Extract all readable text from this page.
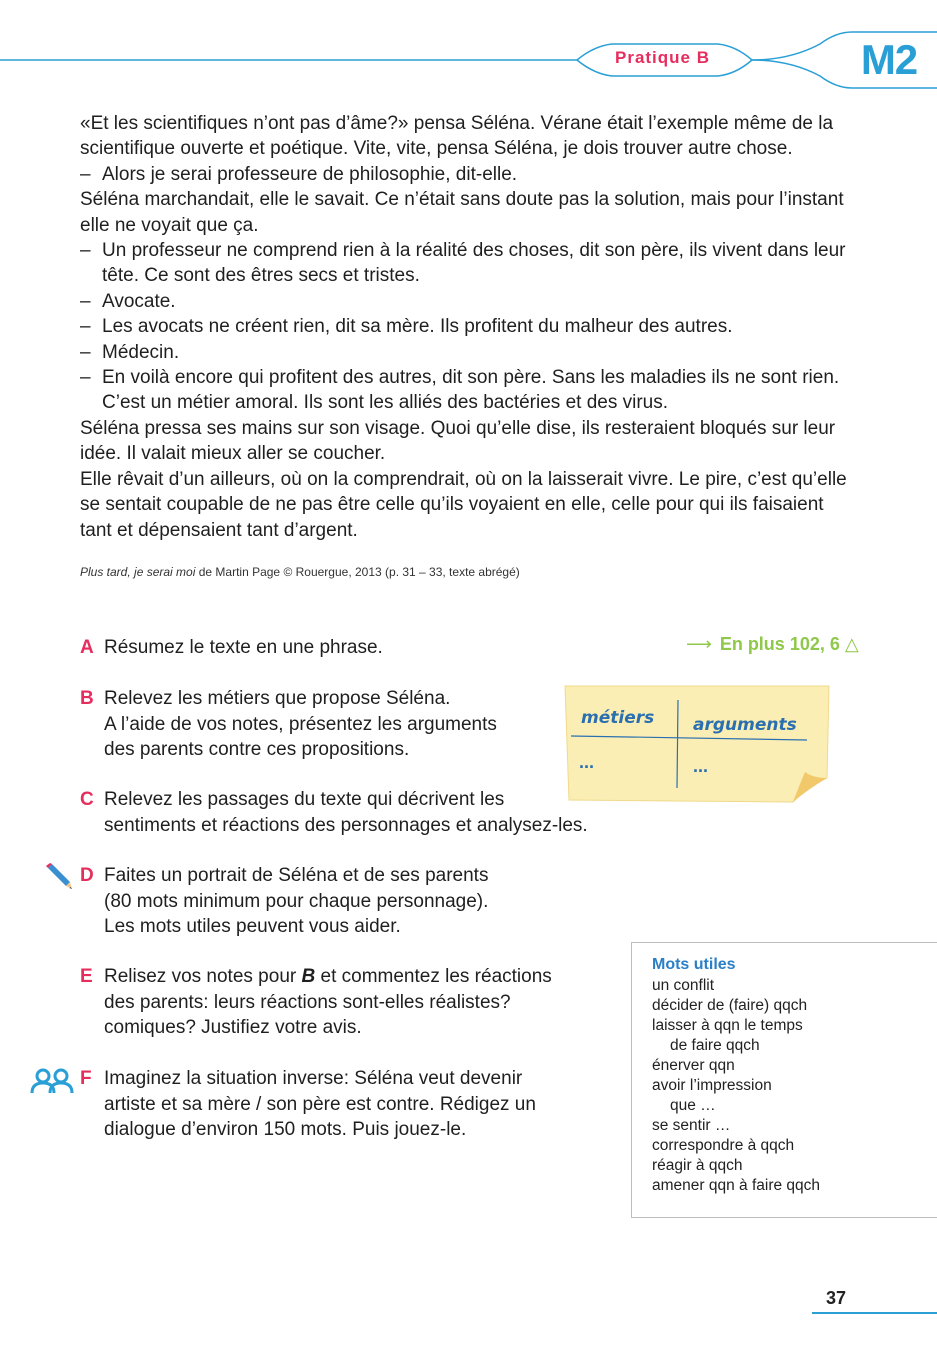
Pratique B	M2

«Et les scientifiques n’ont pas d’âme?» pensa Séléna. Vérane était l’exemple même de la scientifique ouverte et poétique. Vite, vite, pensa Séléna, je dois trouver autre chose.

– Alors je serai professeure de philosophie, dit-elle.

Séléna marchandait, elle le savait. Ce n’était sans doute pas la solution, mais pour l’instant elle ne voyait que ça.

– Un professeur ne comprend rien à la réalité des choses, dit son père, ils vivent dans leur tête. Ce sont des êtres secs et tristes.

– Avocate.

– Les avocats ne créent rien, dit sa mère. Ils profitent du malheur des autres.

– Médecin.

– En voilà encore qui profitent des autres, dit son père. Sans les maladies ils ne sont rien. C’est un métier amoral. Ils sont les alliés des bactéries et des virus.

Séléna pressa ses mains sur son visage. Quoi qu’elle dise, ils resteraient bloqués sur leur idée. Il valait mieux aller se coucher.

Elle rêvait d’un ailleurs, où on la comprendrait, où on la laisserait vivre. Le pire, c’est qu’elle se sentait coupable de ne pas être celle qu’ils voyaient en elle, celle pour qui ils faisaient tant et dépensaient tant d’argent.

Plus tard, je serai moi de Martin Page © Rouergue, 2013 (p. 31 – 33, texte abrégé)
A Résumez le texte en une phrase.	⟶ En plus 102, 6 △
B Relevez les métiers que propose Séléna.

A l’aide de vos notes, présentez les arguments

des parents contre ces propositions.

métiers arguments
...	...
C Relevez les passages du texte qui décrivent les

sentiments et réactions des personnages et analysez-les.

D Faites un portrait de Séléna et de ses parents

(80 mots minimum pour chaque personnage).

Les mots utiles peuvent vous aider.

E Relisez vos notes pour B et commentez les réactions

des parents: leurs réactions sont-elles réalistes?

comiques? Justifiez votre avis.

F Imaginez la situation inverse: Séléna veut devenir

artiste et sa mère / son père est contre. Rédigez un

dialogue d’environ 150 mots. Puis jouez-le.

Mots utiles
un conflit
décider de (faire) qqch
laisser à qqn le temps
de faire qqch
énerver qqn
avoir l’impression
que …
se sentir …
correspondre à qqch
réagir à qqch
amener qqn à faire qqch
37
